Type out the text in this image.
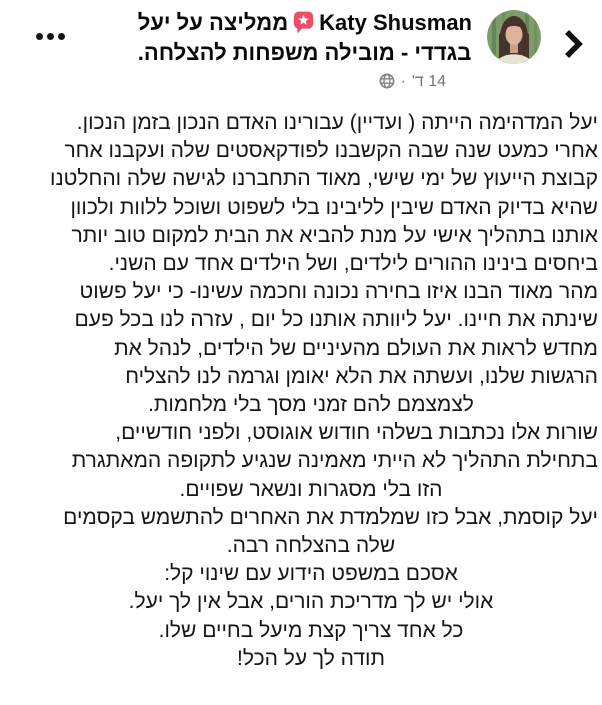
Katy Shusmanממליצה על יעל
בגדדי - מובילה משפחות להצלחה.
14 ד'·
יעל המדהימה הייתה ( ועדיין) עבורינו האדם הנכון בזמן הנכון.
אחרי כמעט שנה שבה הקשבנו לפודקאסטים שלה ועקבנו אחר
קבוצת הייעוץ של ימי שישי, מאוד התחברנו לגישה שלה והחלטנו
שהיא בדיוק האדם שיבין לליבינו בלי לשפוט ושוכל ללוות ולכוון
אותנו בתהליך אישי על מנת להביא את הבית למקום טוב יותר
ביחסים בינינו ההורים לילדים, ושל הילדים אחד עם השני.
מהר מאוד הבנו איזו בחירה נכונה וחכמה עשינו- כי יעל פשוט
שינתה את חיינו. יעל ליוותה אותנו כל יום , עזרה לנו בכל פעם
מחדש לראות את העולם מהעיניים של הילדים, לנהל את
הרגשות שלנו, ועשתה את הלא יאומן וגרמה לנו להצליח
לצמצמם להם זמני מסך בלי מלחמות.
שורות אלו נכתבות בשלהי חודוש אוגוסט, ולפני חודשיים,
בתחילת התהליך לא הייתי מאמינה שנגיע לתקופה המאתגרת
הזו בלי מסגרות ונשאר שפויים.
יעל קוסמת, אבל כזו שמלמדת את האחרים להתשמש בקסמים
שלה בהצלחה רבה.
אסכם במשפט הידוע עם שינוי קל:
אולי יש לך מדריכת הורים, אבל אין לך יעל.
כל אחד צריך קצת מיעל בחיים שלו.
תודה לך על הכל!
